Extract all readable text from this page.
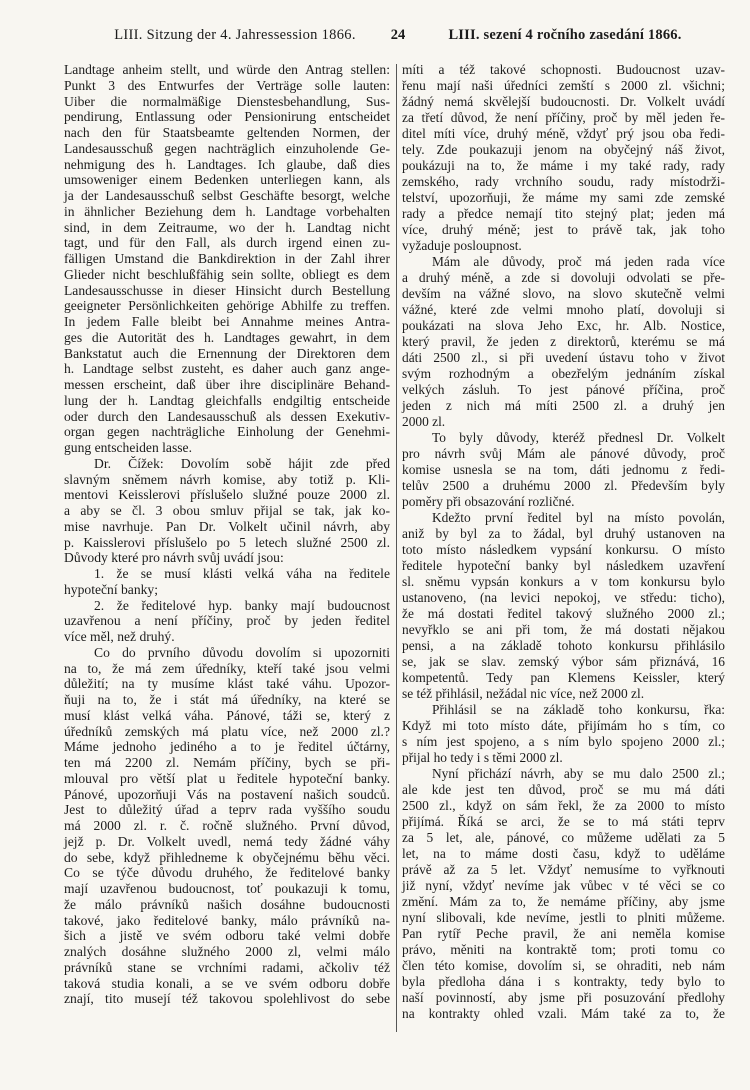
LIII. Sitzung der 4. Jahressession 1866.	24	LIII. sezení 4 ročního zasedání 1866.
Landtage anheim stellt, und würde den Antrag stellen:
Punkt 3 des Entwurfes der Verträge solle lauten:
Uiber die normalmäßige Dienstesbehandlung, Sus-
pendirung, Entlassung oder Pensionirung entscheidet
nach den für Staatsbeamte geltenden Normen, der
Landesausschuß gegen nachträglich einzuholende Ge-
nehmigung des h. Landtages. Ich glaube, daß dies
umsoweniger einem Bedenken unterliegen kann, als
ja der Landesausschuß selbst Geschäfte besorgt, welche
in ähnlicher Beziehung dem h. Landtage vorbehalten
sind, in dem Zeitraume, wo der h. Landtag nicht
tagt, und für den Fall, als durch irgend einen zu-
fälligen Umstand die Bankdirektion in der Zahl ihrer
Glieder nicht beschlußfähig sein sollte, obliegt es dem
Landesausschusse in dieser Hinsicht durch Bestellung
geeigneter Persönlichkeiten gehörige Abhilfe zu treffen.
In jedem Falle bleibt bei Annahme meines Antra-
ges die Autorität des h. Landtages gewahrt, in dem
Bankstatut auch die Ernennung der Direktoren dem
h. Landtage selbst zusteht, es daher auch ganz ange-
messen erscheint, daß über ihre disciplinäre Behand-
lung der h. Landtag gleichfalls endgiltig entscheide
oder durch den Landesausschuß als dessen Exekutiv-
organ gegen nachträgliche Einholung der Genehmi-
gung entscheiden lasse.
Dr. Čížek: Dovolím sobě hájit zde před
slavným sněmem návrh komise, aby totiž p. Kli-
mentovi Keisslerovi příslušelo služné pouze 2000 zl.
a aby se čl. 3 obou smluv přijal se tak, jak ko-
mise navrhuje. Pan Dr. Volkelt učinil návrh, aby
p. Kaisslerovi příslušelo po 5 letech služné 2500 zl.
Důvody které pro návrh svůj uvádí jsou:
1. že se musí klásti velká váha na ředitele
hypoteční banky;
2. že ředitelové hyp. banky mají budoucnost
uzavřenou a není příčiny, proč by jeden ředitel
více měl, než druhý.
Co do prvního důvodu dovolím si upozorniti
na to, že má zem úředníky, kteří také jsou velmi
důležití; na ty musíme klást také váhu. Upozor-
ňuji na to, že i stát má úředníky, na které se
musí klást velká váha. Pánové, táži se, který z
úředníků zemských má platu více, než 2000 zl.?
Máme jednoho jediného a to je ředitel účtárny,
ten má 2200 zl. Nemám příčiny, bych se při-
mlouval pro větší plat u ředitele hypoteční banky.
Pánové, upozorňuji Vás na postavení našich soudců.
Jest to důležitý úřad a teprv rada vyššího soudu
má 2000 zl. r. č. ročně služného. První důvod,
jejž p. Dr. Volkelt uvedl, nemá tedy žádné váhy
do sebe, když přihledneme k obyčejnému běhu věci.
Co se týče důvodu druhého, že ředitelové banky
mají uzavřenou budoucnost, toť poukazuji k tomu,
že málo právníků našich dosáhne budoucnosti
takové, jako ředitelové banky, málo právníků na-
šich a jistě ve svém odboru také velmi dobře
znalých dosáhne služného 2000 zl, velmi málo
právníků stane se vrchními radami, ačkoliv též
taková studia konali, a se ve svém odboru dobře
znají, tito musejí též takovou spolehlivost do sebe
míti a též takové schopnosti. Budoucnost uzav-
řenu mají naši úředníci zemští s 2000 zl. všichni;
žádný nemá skvělejší budoucnosti. Dr. Volkelt uvádí
za třetí důvod, že není příčiny, proč by měl jeden ře-
ditel míti více, druhý méně, vždyť prý jsou oba ředi-
tely. Zde poukazuji jenom na obyčejný náš život,
poukázuji na to, že máme i my také rady, rady
zemského, rady vrchního soudu, rady místodrži-
telství, upozorňuji, že máme my sami zde zemské
rady a předce nemají tito stejný plat; jeden má
více, druhý méně; jest to právě tak, jak toho
vyžaduje posloupnost.
Mám ale důvody, proč má jeden rada více
a druhý méně, a zde si dovoluji odvolati se pře-
devším na vážné slovo, na slovo skutečně velmi
vážné, které zde velmi mnoho platí, dovoluji si
poukázati na slova Jeho Exc, hr. Alb. Nostice,
který pravil, že jeden z direktorů, kterému se má
dáti 2500 zl., si při uvedení ústavu toho v život
svým rozhodným a obezřelým jednáním získal
velkých zásluh. To jest pánové příčina, proč
jeden z nich má míti 2500 zl. a druhý jen
2000 zl.
To byly důvody, kteréž přednesl Dr. Volkelt
pro návrh svůj Mám ale pánové důvody, proč
komise usnesla se na tom, dáti jednomu z ředi-
telův 2500 a druhému 2000 zl. Především byly
poměry při obsazování rozličné.
Kdežto první ředitel byl na místo povolán,
aniž by byl za to žádal, byl druhý ustanoven na
toto místo následkem vypsání konkursu. O místo
ředitele hypoteční banky byl následkem uzavření
sl. sněmu vypsán konkurs a v tom konkursu bylo
ustanoveno, (na levici nepokoj, ve středu: ticho),
že má dostati ředitel takový služného 2000 zl.;
nevyřklo se ani při tom, že má dostati nějakou
pensi, a na základě tohoto konkursu přihlásilo
se, jak se slav. zemský výbor sám přiznává, 16
kompetentů. Tedy pan Klemens Keissler, který
se též přihlásil, nežádal nic více, než 2000 zl.
Přihlásil se na základě toho konkursu, řka:
Když mi toto místo dáte, přijímám ho s tím, co
s ním jest spojeno, a s ním bylo spojeno 2000 zl.;
přijal ho tedy i s těmi 2000 zl.
Nyní přichází návrh, aby se mu dalo 2500 zl.;
ale kde jest ten důvod, proč se mu má dáti
2500 zl., když on sám řekl, že za 2000 to místo
přijímá. Říká se arci, že se to má státi teprv
za 5 let, ale, pánové, co můžeme udělati za 5
let, na to máme dosti času, když to uděláme
právě až za 5 let. Vždyť nemusíme to vyřknouti
již nyní, vždyť nevíme jak vůbec v té věci se co
změní. Mám za to, že nemáme příčiny, aby jsme
nyní slibovali, kde nevíme, jestli to plniti můžeme.
Pan rytíř Peche pravil, že ani neměla komise
právo, měniti na kontraktě tom; proti tomu co
člen této komise, dovolím si, se ohraditi, neb nám
byla předloha dána i s kontrakty, tedy bylo to
naší povinností, aby jsme při posuzování předlohy
na kontrakty ohled vzali. Mám také za to, že
